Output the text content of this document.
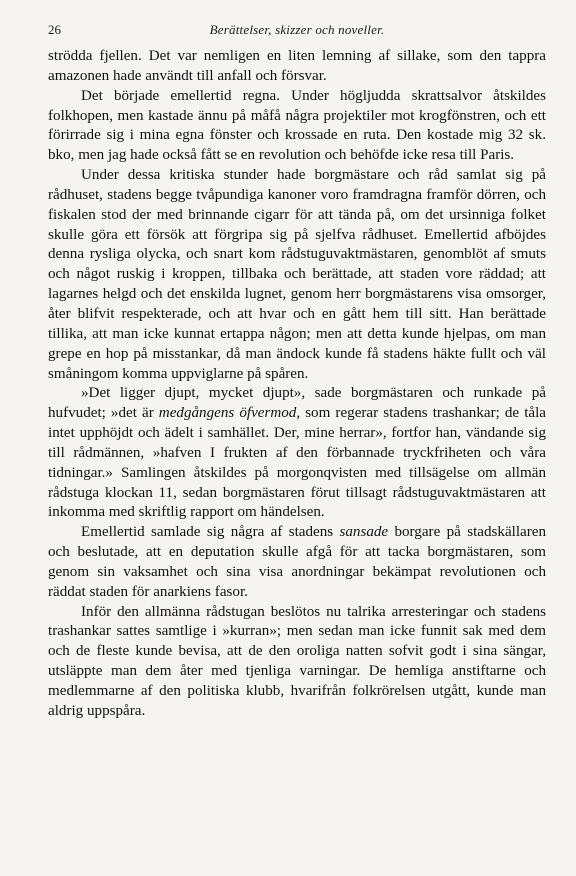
26	Berättelser, skizzer och noveller.

strödda fjellen. Det var nemligen en liten lemning af sillake, som den tappra amazonen hade användt till anfall och försvar.

Det började emellertid regna. Under högljudda skrattsalvor åtskildes folkhopen, men kastade ännu på måfå några projektiler mot krogfönstren, och ett förirrade sig i mina egna fönster och krossade en ruta. Den kostade mig 32 sk. bko, men jag hade också fått se en revolution och behöfde icke resa till Paris.

Under dessa kritiska stunder hade borgmästare och råd samlat sig på rådhuset, stadens begge tvåpundiga kanoner voro framdragna framför dörren, och fiskalen stod der med brinnande cigarr för att tända på, om det ursinniga folket skulle göra ett försök att förgripa sig på sjelfva rådhuset. Emellertid afböjdes denna rysliga olycka, och snart kom rådstuguvaktmästaren, genomblöt af smuts och något ruskig i kroppen, tillbaka och berättade, att staden vore räddad; att lagarnes helgd och det enskilda lugnet, genom herr borgmästarens visa omsorger, åter blifvit respekterade, och att hvar och en gått hem till sitt. Han berättade tillika, att man icke kunnat ertappa någon; men att detta kunde hjelpas, om man grepe en hop på misstankar, då man ändock kunde få stadens häkte fullt och väl småningom komma uppviglarne på spåren.

»Det ligger djupt, mycket djupt», sade borgmästaren och runkade på hufvudet; »det är medgångens öfvermod, som regerar stadens trashankar; de tåla intet upphöjdt och ädelt i samhället. Der, mine herrar», fortfor han, vändande sig till rådmännen, »hafven I frukten af den förbannade tryckfriheten och våra tidningar.» Samlingen åtskildes på morgonqvisten med tillsägelse om allmän rådstuga klockan 11, sedan borgmästaren förut tillsagt rådstuguvaktmästaren att inkomma med skriftlig rapport om händelsen.

Emellertid samlade sig några af stadens sansade borgare på stadskällaren och beslutade, att en deputation skulle afgå för att tacka borgmästaren, som genom sin vaksamhet och sina visa anordningar bekämpat revolutionen och räddat staden för anarkiens fasor.

Inför den allmänna rådstugan beslötos nu talrika arresteringar och stadens trashankar sattes samtlige i »kurran»; men sedan man icke funnit sak med dem och de fleste kunde bevisa, att de den oroliga natten sofvit godt i sina sängar, utsläppte man dem åter med tjenliga varningar. De hemliga anstiftarne och medlemmarne af den politiska klubb, hvarifrån folkrörelsen utgått, kunde man aldrig uppspåra.
